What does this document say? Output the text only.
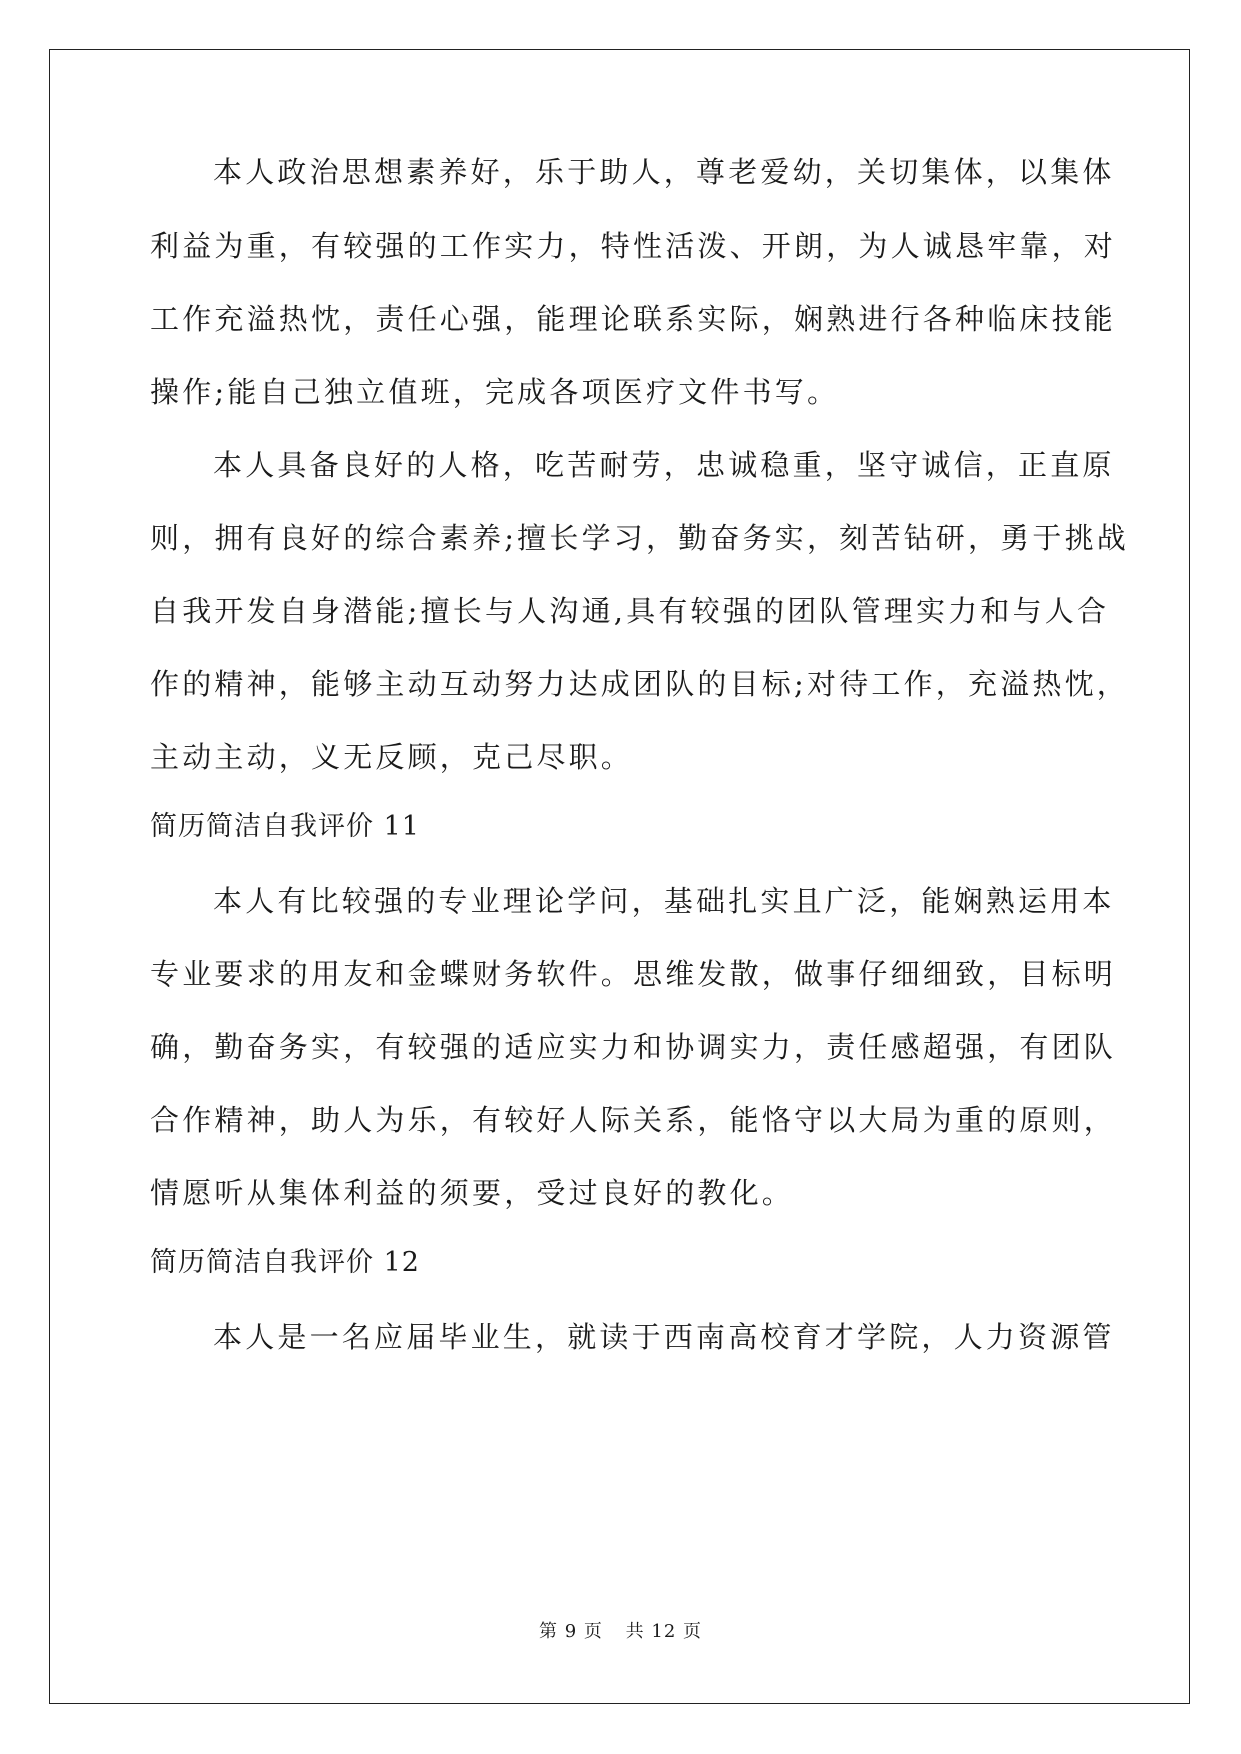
本人政治思想素养好，乐于助人，尊老爱幼，关切集体，以集体
利益为重，有较强的工作实力，特性活泼、开朗，为人诚恳牢靠，对
工作充溢热忱，责任心强，能理论联系实际，娴熟进行各种临床技能
操作;能自己独立值班，完成各项医疗文件书写。
本人具备良好的人格，吃苦耐劳，忠诚稳重，坚守诚信，正直原
则，拥有良好的综合素养;擅长学习，勤奋务实，刻苦钻研，勇于挑战
自我开发自身潜能;擅长与人沟通,具有较强的团队管理实力和与人合
作的精神，能够主动互动努力达成团队的目标;对待工作，充溢热忱，
主动主动，义无反顾，克己尽职。
简历简洁自我评价 11
本人有比较强的专业理论学问，基础扎实且广泛，能娴熟运用本
专业要求的用友和金蝶财务软件。思维发散，做事仔细细致，目标明
确，勤奋务实，有较强的适应实力和协调实力，责任感超强，有团队
合作精神，助人为乐，有较好人际关系，能恪守以大局为重的原则，
情愿听从集体利益的须要，受过良好的教化。
简历简洁自我评价 12
本人是一名应届毕业生，就读于西南高校育才学院，人力资源管
第 9 页 共 12 页
